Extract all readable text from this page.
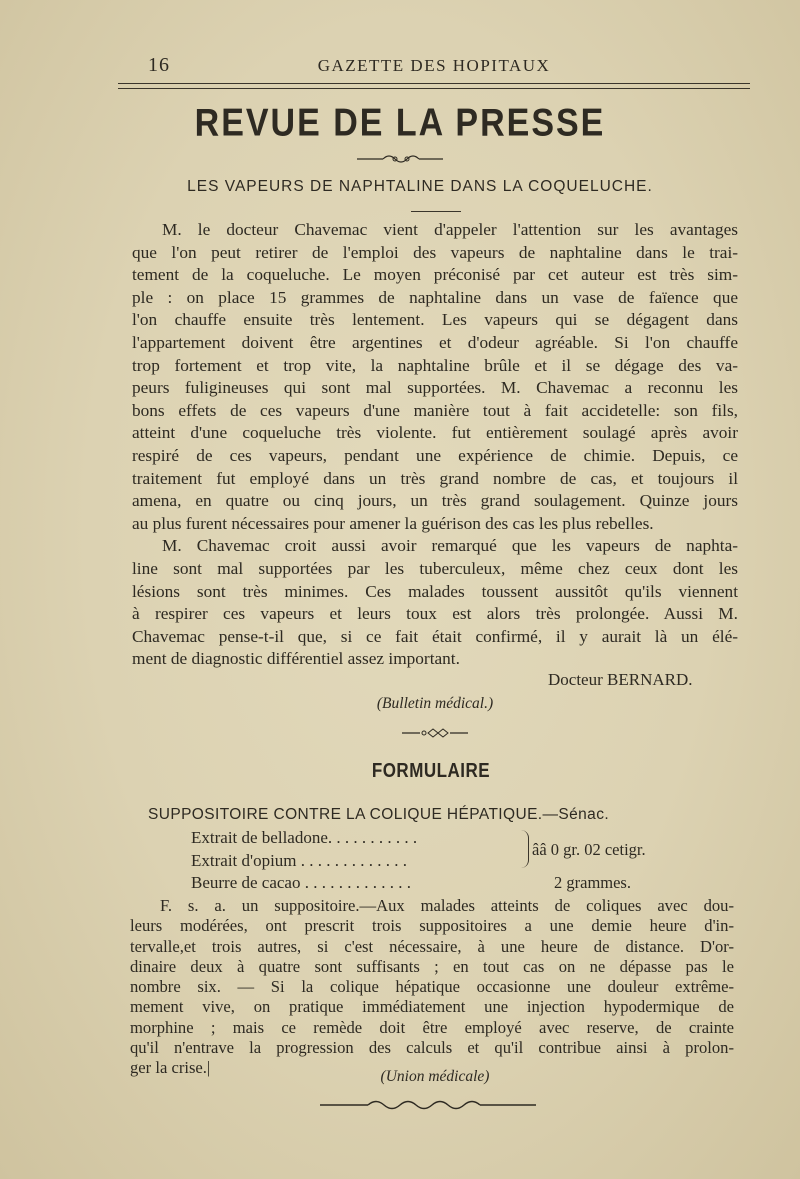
16	GAZETTE DES HOPITAUX
REVUE DE LA PRESSE
LES VAPEURS DE NAPHTALINE DANS LA COQUELUCHE.
M. le docteur Chavemac vient d'appeler l'attention sur les avantages
que l'on peut retirer de l'emploi des vapeurs de naphtaline dans le trai-
tement de la coqueluche. Le moyen préconisé par cet auteur est très sim-
ple : on place 15 grammes de naphtaline dans un vase de faïence que
l'on chauffe ensuite très lentement. Les vapeurs qui se dégagent dans
l'appartement doivent être argentines et d'odeur agréable. Si l'on chauffe
trop fortement et trop vite, la naphtaline brûle et il se dégage des va-
peurs fuligineuses qui sont mal supportées. M. Chavemac a reconnu les
bons effets de ces vapeurs d'une manière tout à fait accidetelle: son fils,
atteint d'une coqueluche très violente. fut entièrement soulagé après avoir
respiré de ces vapeurs, pendant une expérience de chimie. Depuis, ce
traitement fut employé dans un très grand nombre de cas, et toujours il
amena, en quatre ou cinq jours, un très grand soulagement. Quinze jours
au plus furent nécessaires pour amener la guérison des cas les plus rebelles.
M. Chavemac croit aussi avoir remarqué que les vapeurs de naphta-
line sont mal supportées par les tuberculeux, même chez ceux dont les
lésions sont très minimes. Ces malades toussent aussitôt qu'ils viennent
à respirer ces vapeurs et leurs toux est alors très prolongée. Aussi M.
Chavemac pense-t-il que, si ce fait était confirmé, il y aurait là un élé-
ment de diagnostic différentiel assez important.
Docteur BERNARD.
(Bulletin médical.)
FORMULAIRE
SUPPOSITOIRE CONTRE LA COLIQUE HÉPATIQUE.—Sénac.
Extrait de belladone. . . . . . . . . . .
Extrait d'opium . . . . . . . . . . . . .
Beurre de cacao . . . . . . . . . . . . .
ââ 0 gr. 02 cetigr.
2 grammes.
F. s. a. un suppositoire.—Aux malades atteints de coliques avec dou-
leurs modérées, ont prescrit trois suppositoires a une demie heure d'in-
tervalle,et trois autres, si c'est nécessaire, à une heure de distance. D'or-
dinaire deux à quatre sont suffisants ; en tout cas on ne dépasse pas le
nombre six. — Si la colique hépatique occasionne une douleur extrême-
mement vive, on pratique immédiatement une injection hypodermique de
morphine ; mais ce remède doit être employé avec reserve, de crainte
qu'il n'entrave la progression des calculs et qu'il contribue ainsi à prolon-
ger la crise.|	(Union médicale)
